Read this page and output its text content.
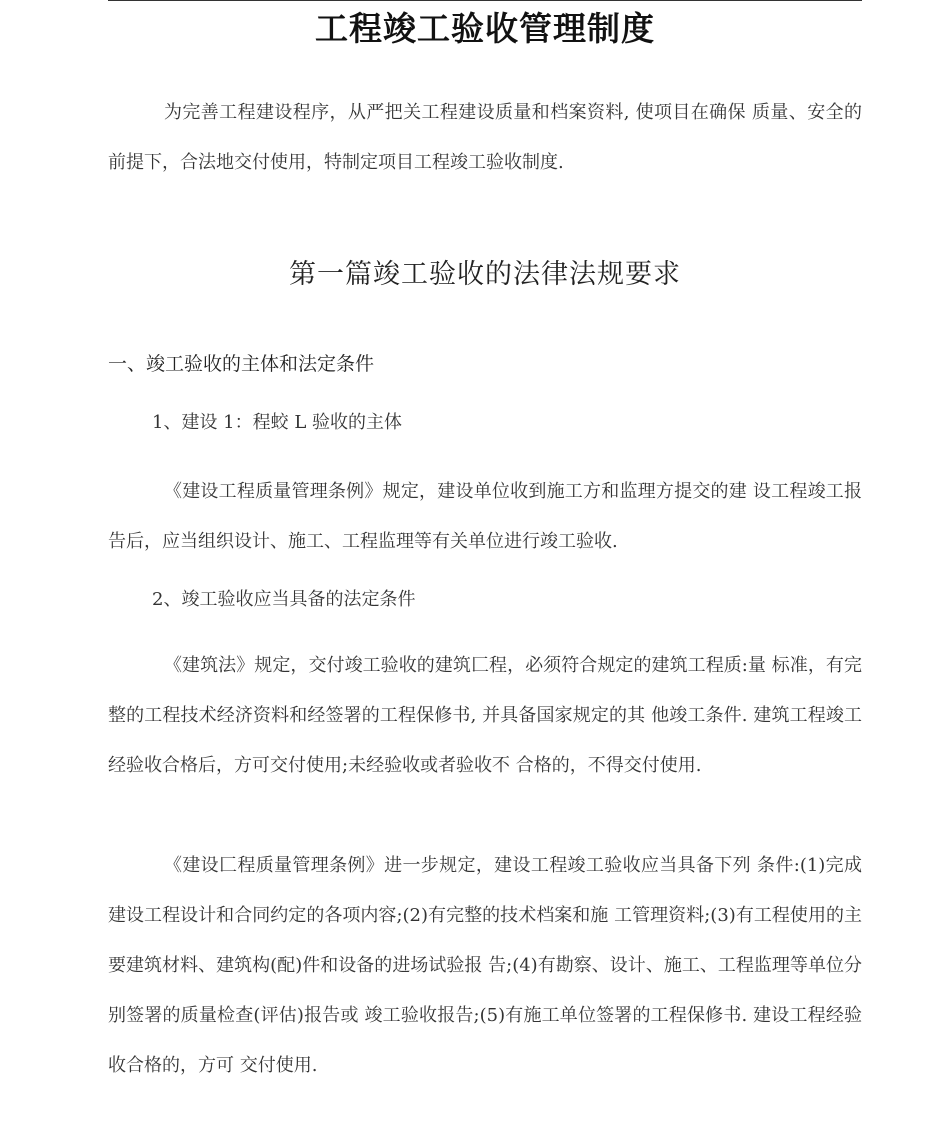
工程竣工验收管理制度
为完善工程建设程序，从严把关工程建设质量和档案资料, 使项目在确保 质量、安全的前提下，合法地交付使用，特制定项目工程竣工验收制度.
第一篇竣工验收的法律法规要求
一、竣工验收的主体和法定条件
1、建设 1：程蛟 L 验收的主体
《建设工程质量管理条例》规定，建设单位收到施工方和监理方提交的建 设工程竣工报告后，应当组织设计、施工、工程监理等有关单位进行竣工验收.
2、竣工验收应当具备的法定条件
《建筑法》规定，交付竣工验收的建筑匚程，必须符合规定的建筑工程质:量 标准，有完整的工程技术经济资料和经签署的工程保修书, 并具备国家规定的其 他竣工条件. 建筑工程竣工经验收合格后，方可交付使用;未经验收或者验收不 合格的，不得交付使用.
《建设匚程质量管理条例》进一步规定，建设工程竣工验收应当具备下列 条件:(1)完成建设工程设计和合同约定的各项内容;(2)有完整的技术档案和施 工管理资料;(3)有工程使用的主要建筑材料、建筑构(配)件和设备的进场试验报 告;(4)有勘察、设计、施工、工程监理等单位分别签署的质量检查(评估)报告或 竣工验收报告;(5)有施工单位签署的工程保修书. 建设工程经验收合格的，方可 交付使用.
